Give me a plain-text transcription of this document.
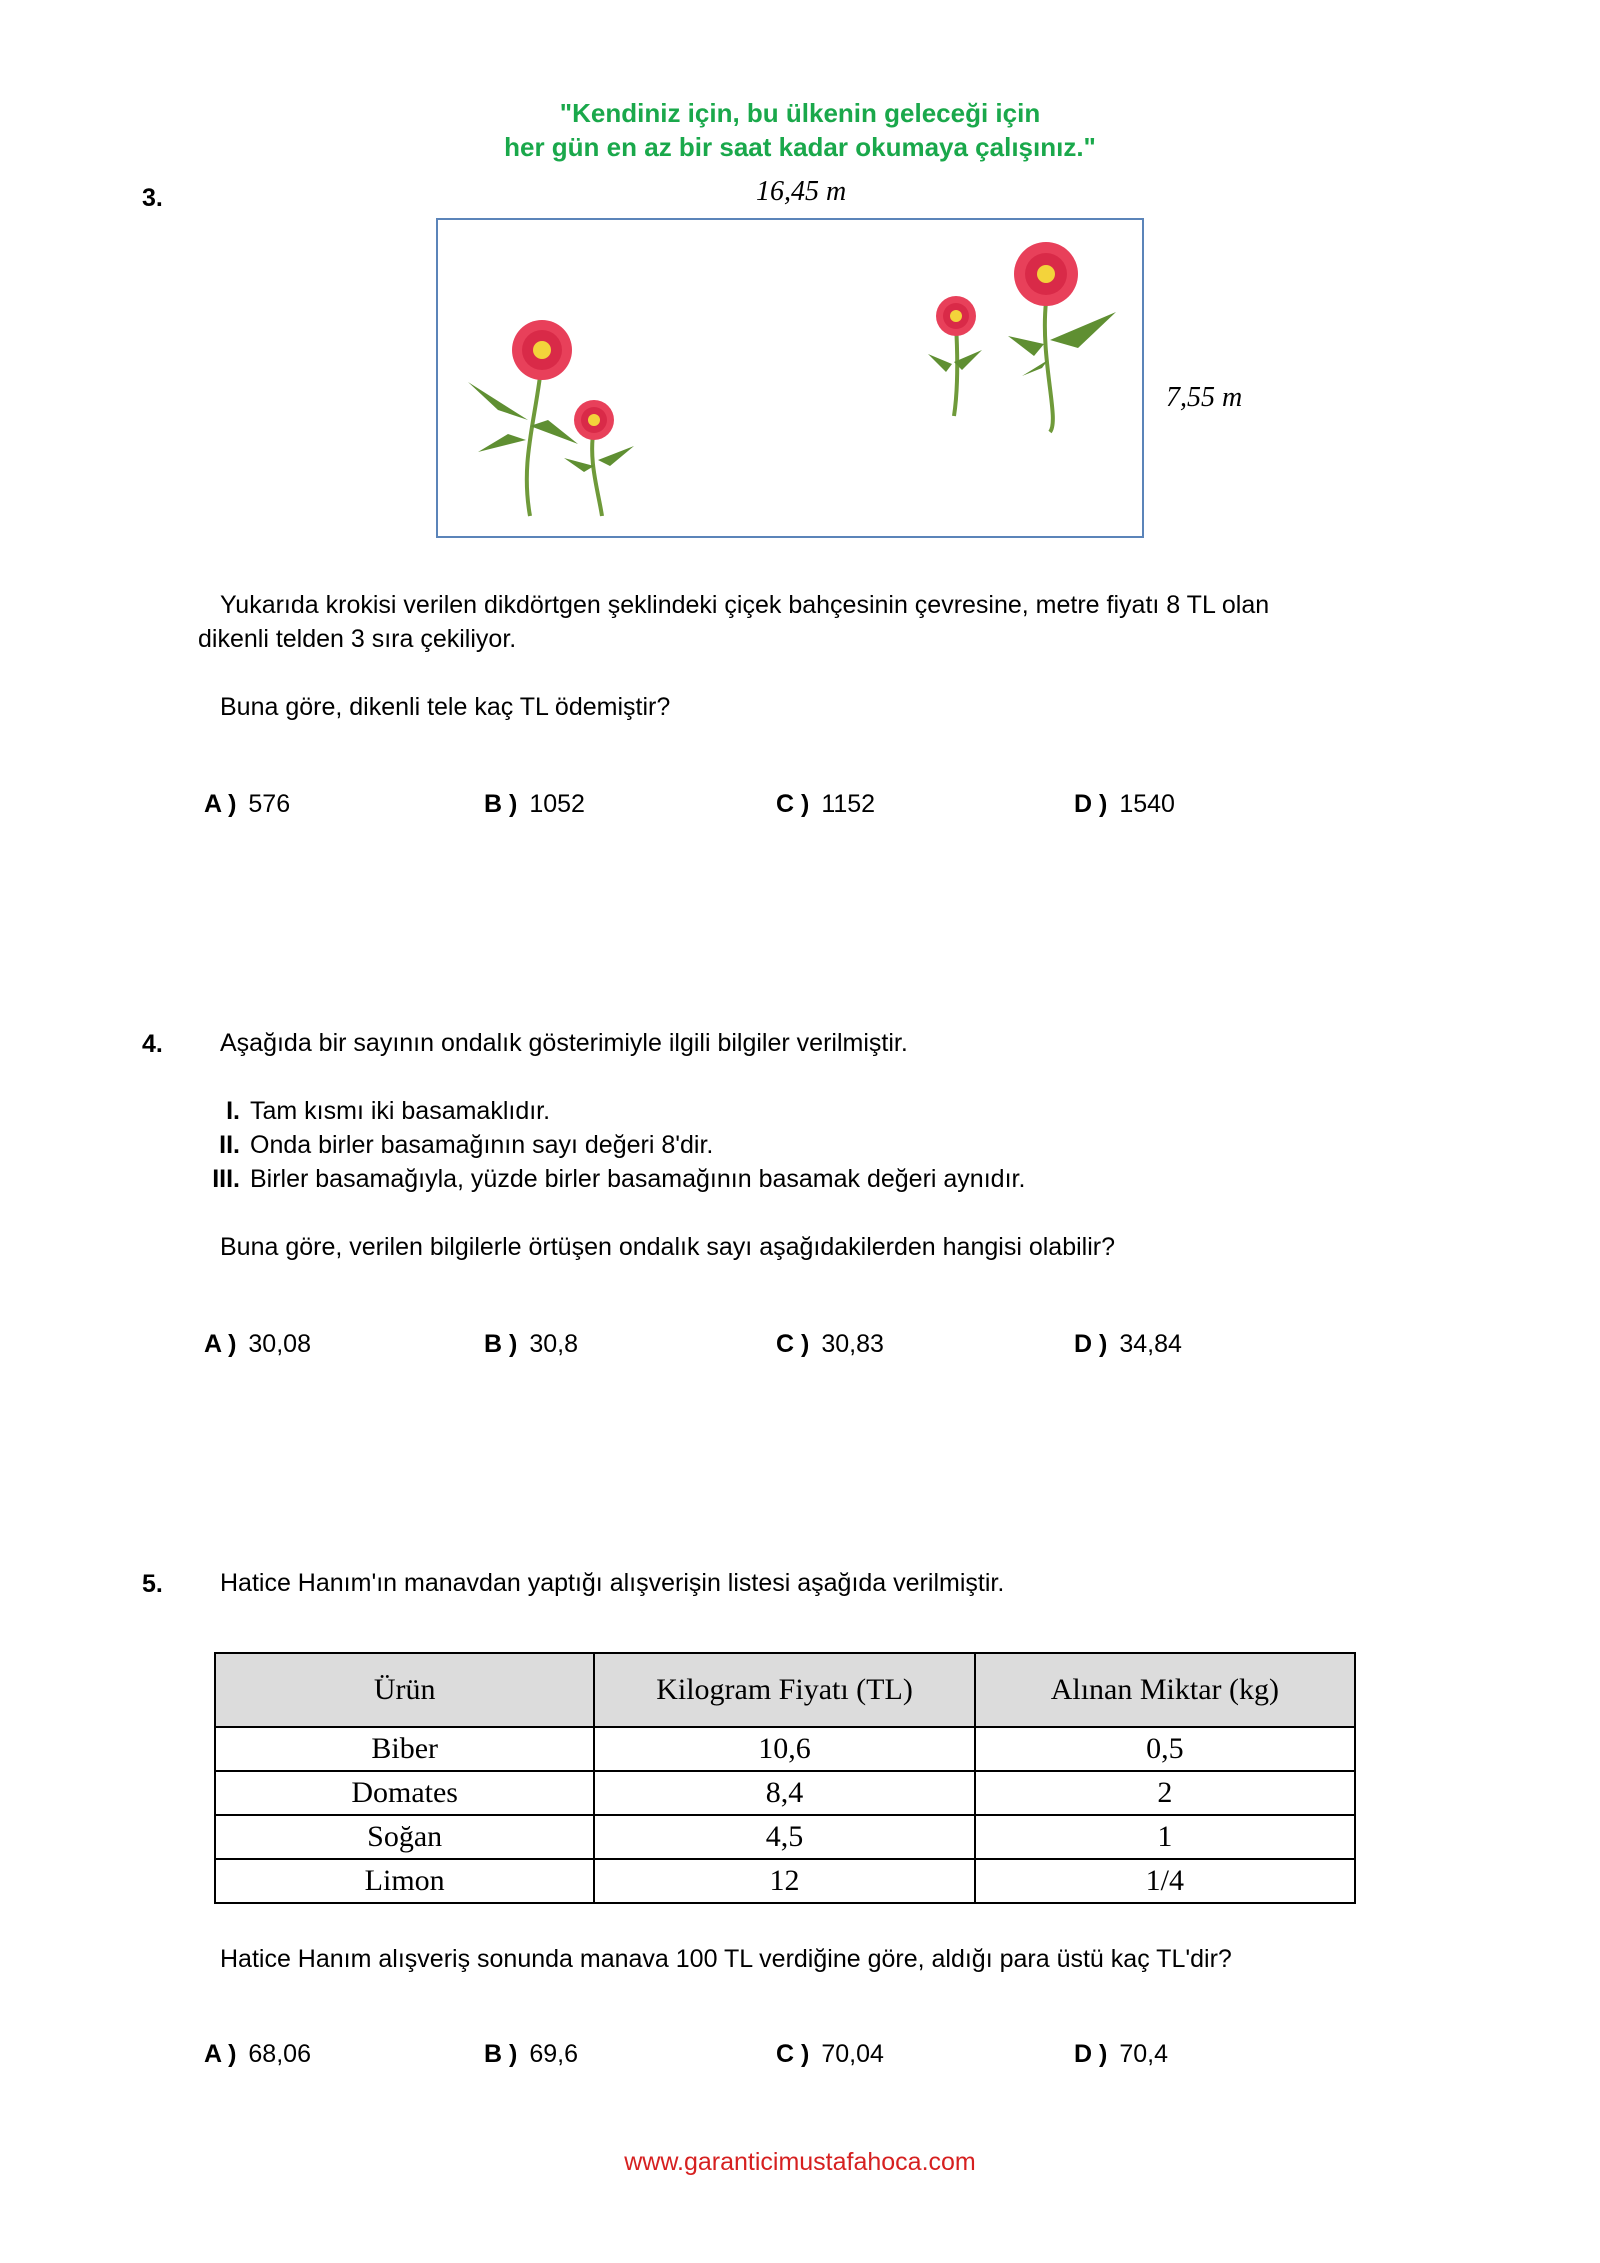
"Kendiniz için, bu ülkenin geleceği için
her gün en az bir saat kadar okumaya çalışınız."
3.	16,45 m
7,55 m
Yukarıda krokisi verilen dikdörtgen şeklindeki çiçek bahçesinin çevresine, metre fiyatı 8 TL olan
dikenli telden 3 sıra çekiliyor.
Buna göre, dikenli tele kaç TL ödemiştir?
A ) 576	B ) 1052	C ) 1152	D ) 1540
4. Aşağıda bir sayının ondalık gösterimiyle ilgili bilgiler verilmiştir.
I. Tam kısmı iki basamaklıdır.
II. Onda birler basamağının sayı değeri 8'dir.
III. Birler basamağıyla, yüzde birler basamağının basamak değeri aynıdır.
Buna göre, verilen bilgilerle örtüşen ondalık sayı aşağıdakilerden hangisi olabilir?
A ) 30,08	B ) 30,8	C ) 30,83	D ) 34,84
5. Hatice Hanım'ın manavdan yaptığı alışverişin listesi aşağıda verilmiştir.
Ürün	Kilogram Fiyatı (TL)	Alınan Miktar (kg)
Biber	10,6	0,5
Domates	8,4	2
Soğan	4,5	1
Limon	12	1/4
Hatice Hanım alışveriş sonunda manava 100 TL verdiğine göre, aldığı para üstü kaç TL'dir?
A ) 68,06	B ) 69,6	C ) 70,04	D ) 70,4
www.garanticimustafahoca.com
